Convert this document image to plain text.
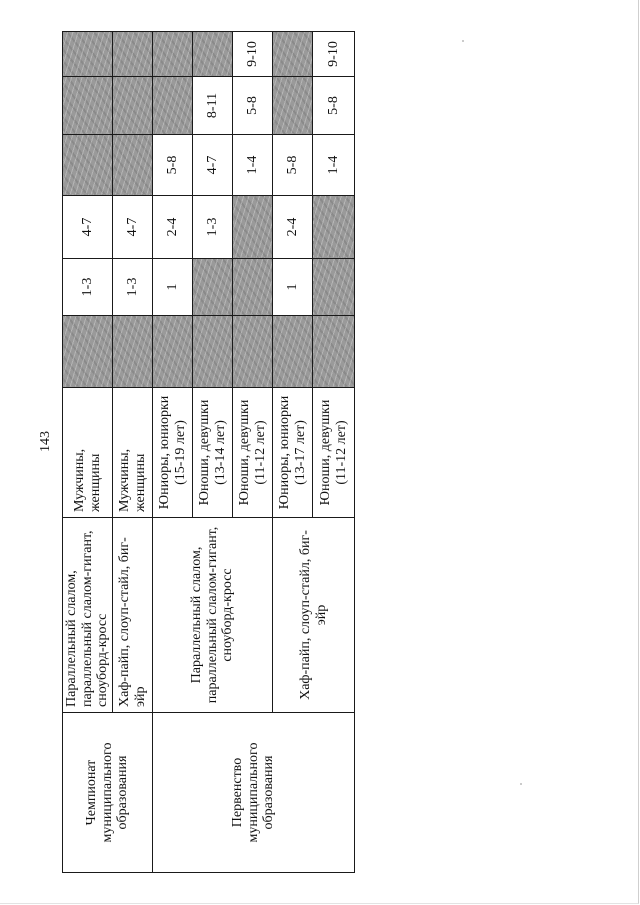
143
Чемпионат муниципального образования	Параллельный слалом, параллельный слалом-гигант, сноуборд-кросс	Мужчины, женщины		1-3	4-7			
	Хаф-пайп, слоуп-стайл, биг-эйр	Мужчины, женщины		1-3	4-7			
Первенство муниципального образования	Параллельный слалом, параллельный слалом-гигант, сноуборд-кросс	Юниоры, юниорки (15-19 лет)		1	2-4	5-8		
		Юноши, девушки (13-14 лет)			1-3	4-7	8-11	
		Юноши, девушки (11-12 лет)				1-4	5-8	9-10
	Хаф-пайп, слоуп-стайл, биг-эйр	Юниоры, юниорки (13-17 лет)		1	2-4	5-8		
		Юноши, девушки (11-12 лет)				1-4	5-8	9-10
